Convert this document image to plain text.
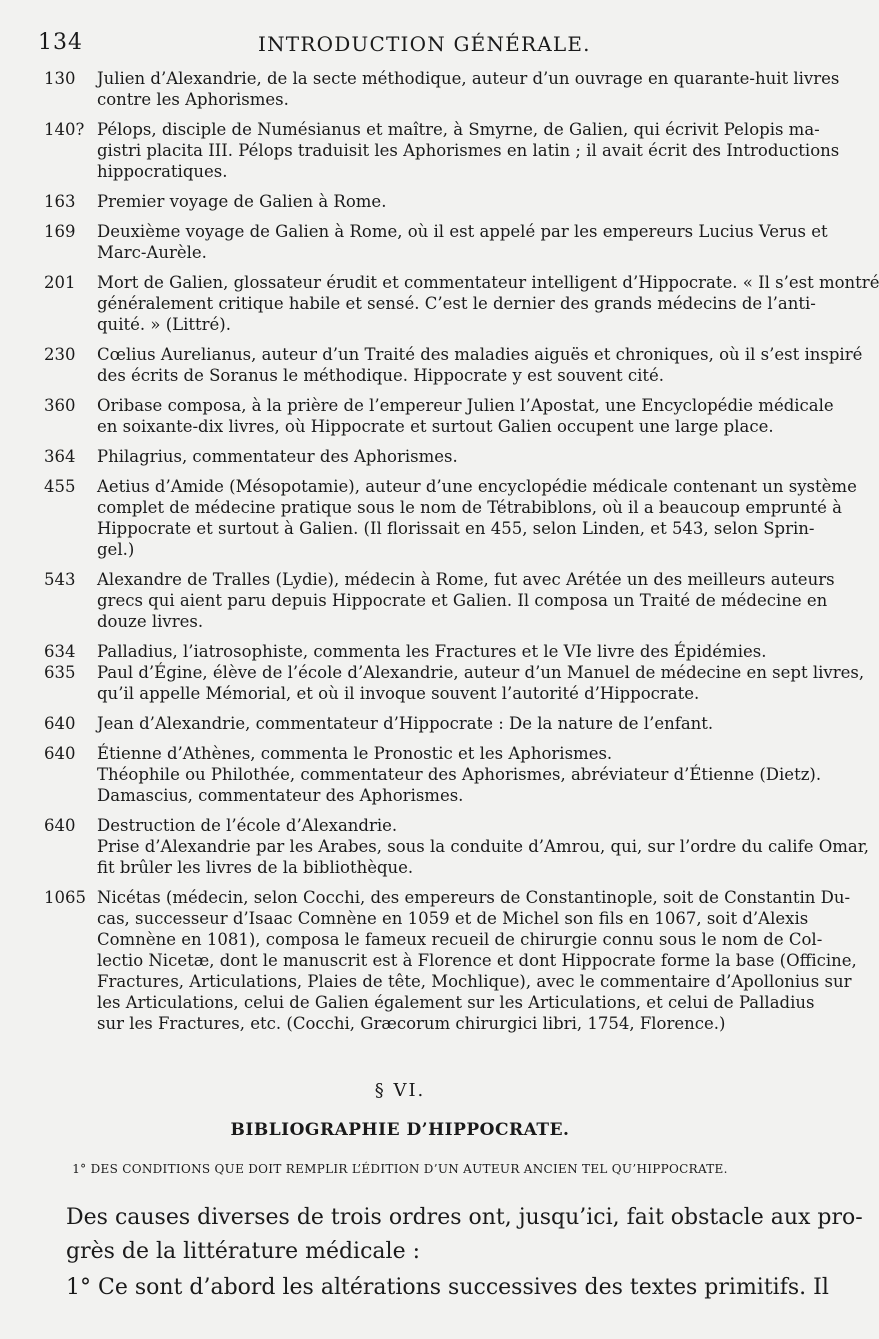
134	INTRODUCTION GÉNÉRALE.
130	Julien d’Alexandrie, de la secte méthodique, auteur d’un ouvrage en quarante-huit livres
contre les Aphorismes.
140? Pélops, disciple de Numésianus et maître, à Smyrne, de Galien, qui écrivit Pelopis ma-
gistri placita III. Pélops traduisit les Aphorismes en latin ; il avait écrit des Introductions
hippocratiques.
163	Premier voyage de Galien à Rome.
169	Deuxième voyage de Galien à Rome, où il est appelé par les empereurs Lucius Verus et
Marc-Aurèle.
201	Mort de Galien, glossateur érudit et commentateur intelligent d’Hippocrate. « Il s’est montré
généralement critique habile et sensé. C’est le dernier des grands médecins de l’anti-
quité. » (Littré).
230	Cœlius Aurelianus, auteur d’un Traité des maladies aiguës et chroniques, où il s’est inspiré
des écrits de Soranus le méthodique. Hippocrate y est souvent cité.
360	Oribase composa, à la prière de l’empereur Julien l’Apostat, une Encyclopédie médicale
en soixante-dix livres, où Hippocrate et surtout Galien occupent une large place.
364	Philagrius, commentateur des Aphorismes.
455	Aetius d’Amide (Mésopotamie), auteur d’une encyclopédie médicale contenant un système
complet de médecine pratique sous le nom de Tétrabiblons, où il a beaucoup emprunté à
Hippocrate et surtout à Galien. (Il florissait en 455, selon Linden, et 543, selon Sprin-
gel.)
543	Alexandre de Tralles (Lydie), médecin à Rome, fut avec Arétée un des meilleurs auteurs
grecs qui aient paru depuis Hippocrate et Galien. Il composa un Traité de médecine en
douze livres.
634	Palladius, l’iatrosophiste, commenta les Fractures et le VIe livre des Épidémies.
635	Paul d’Égine, élève de l’école d’Alexandrie, auteur d’un Manuel de médecine en sept livres,
qu’il appelle Mémorial, et où il invoque souvent l’autorité d’Hippocrate.
640	Jean d’Alexandrie, commentateur d’Hippocrate : De la nature de l’enfant.
640	Étienne d’Athènes, commenta le Pronostic et les Aphorismes.
Théophile ou Philothée, commentateur des Aphorismes, abréviateur d’Étienne (Dietz).
Damascius, commentateur des Aphorismes.
640	Destruction de l’école d’Alexandrie.
Prise d’Alexandrie par les Arabes, sous la conduite d’Amrou, qui, sur l’ordre du calife Omar,
fit brûler les livres de la bibliothèque.
1065 Nicétas (médecin, selon Cocchi, des empereurs de Constantinople, soit de Constantin Du-
cas, successeur d’Isaac Comnène en 1059 et de Michel son fils en 1067, soit d’Alexis
Comnène en 1081), composa le fameux recueil de chirurgie connu sous le nom de Col-
lectio Nicetæ, dont le manuscrit est à Florence et dont Hippocrate forme la base (Officine,
Fractures, Articulations, Plaies de tête, Mochlique), avec le commentaire d’Apollonius sur
les Articulations, celui de Galien également sur les Articulations, et celui de Palladius
sur les Fractures, etc. (Cocchi, Græcorum chirurgici libri, 1754, Florence.)
§ VI.
BIBLIOGRAPHIE D’HIPPOCRATE.
1° DES CONDITIONS QUE DOIT REMPLIR L’ÉDITION D’UN AUTEUR ANCIEN TEL QU’HIPPOCRATE.
Des causes diverses de trois ordres ont, jusqu’ici, fait obstacle aux pro-
grès de la littérature médicale :
1° Ce sont d’abord les altérations successives des textes primitifs. Il
